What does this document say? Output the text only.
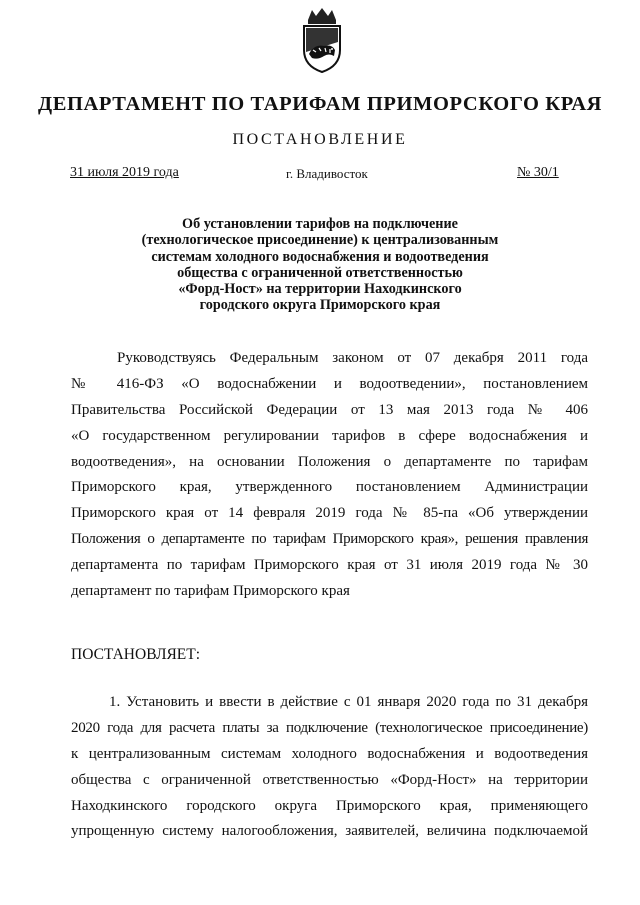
ДЕПАРТАМЕНТ ПО ТАРИФАМ ПРИМОРСКОГО КРАЯ
ПОСТАНОВЛЕНИЕ
31 июля 2019 года	г. Владивосток	№ 30/1
Об установлении тарифов на подключение
(технологическое присоединение) к централизованным
системам холодного водоснабжения и водоотведения
общества с ограниченной ответственностью
«Форд-Ност» на территории Находкинского
городского округа Приморского края
Руководствуясь Федеральным законом от 07 декабря 2011 года
№ 416-ФЗ «О водоснабжении и водоотведении», постановлением
Правительства Российской Федерации от 13 мая 2013 года № 406
«О государственном регулировании тарифов в сфере водоснабжения и
водоотведения», на основании Положения о департаменте по тарифам
Приморского края, утвержденного постановлением Администрации
Приморского края от 14 февраля 2019 года № 85-па «Об утверждении
Положения о департаменте по тарифам Приморского края», решения правления
департамента по тарифам Приморского края от 31 июля 2019 года № 30
департамент по тарифам Приморского края
ПОСТАНОВЛЯЕТ:
1. Установить и ввести в действие с 01 января 2020 года по 31 декабря
2020 года для расчета платы за подключение (технологическое присоединение)
к централизованным системам холодного водоснабжения и водоотведения
общества с ограниченной ответственностью «Форд-Ност» на территории
Находкинского городского округа Приморского края, применяющего
упрощенную систему налогообложения, заявителей, величина подключаемой
